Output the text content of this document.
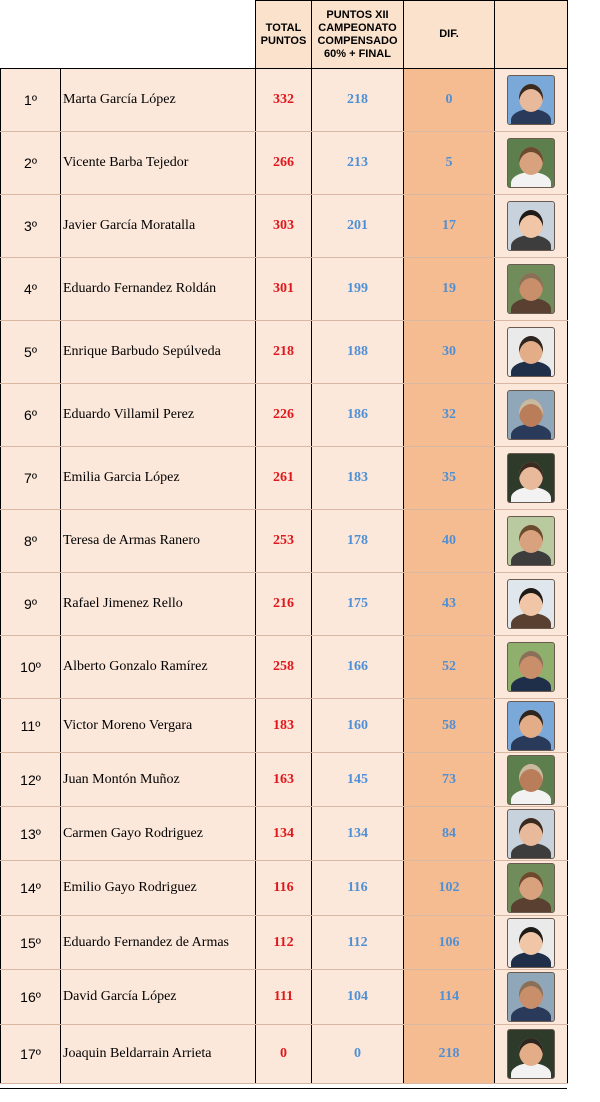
		TOTAL PUNTOS	PUNTOS XII CAMPEONATO COMPENSADO 60% + FINAL	DIF.	
1º	Marta García López	332	218	0	

2º	Vicente Barba Tejedor	266	213	5	

3º	Javier García Moratalla	303	201	17	

4º	Eduardo Fernandez Roldán	301	199	19	

5º	Enrique Barbudo Sepúlveda	218	188	30	

6º	Eduardo Villamil Perez	226	186	32	

7º	Emilia Garcia López	261	183	35	

8º	Teresa de Armas Ranero	253	178	40	

9º	Rafael Jimenez Rello	216	175	43	

10º	Alberto Gonzalo Ramírez	258	166	52	

11º	Victor Moreno Vergara	183	160	58	

12º	Juan Montón Muñoz	163	145	73	

13º	Carmen Gayo Rodriguez	134	134	84	

14º	Emilio Gayo Rodriguez	116	116	102	

15º	Eduardo Fernandez de Armas	112	112	106	

16º	David García López	111	104	114	

17º	Joaquin Beldarrain Arrieta	0	0	218	
